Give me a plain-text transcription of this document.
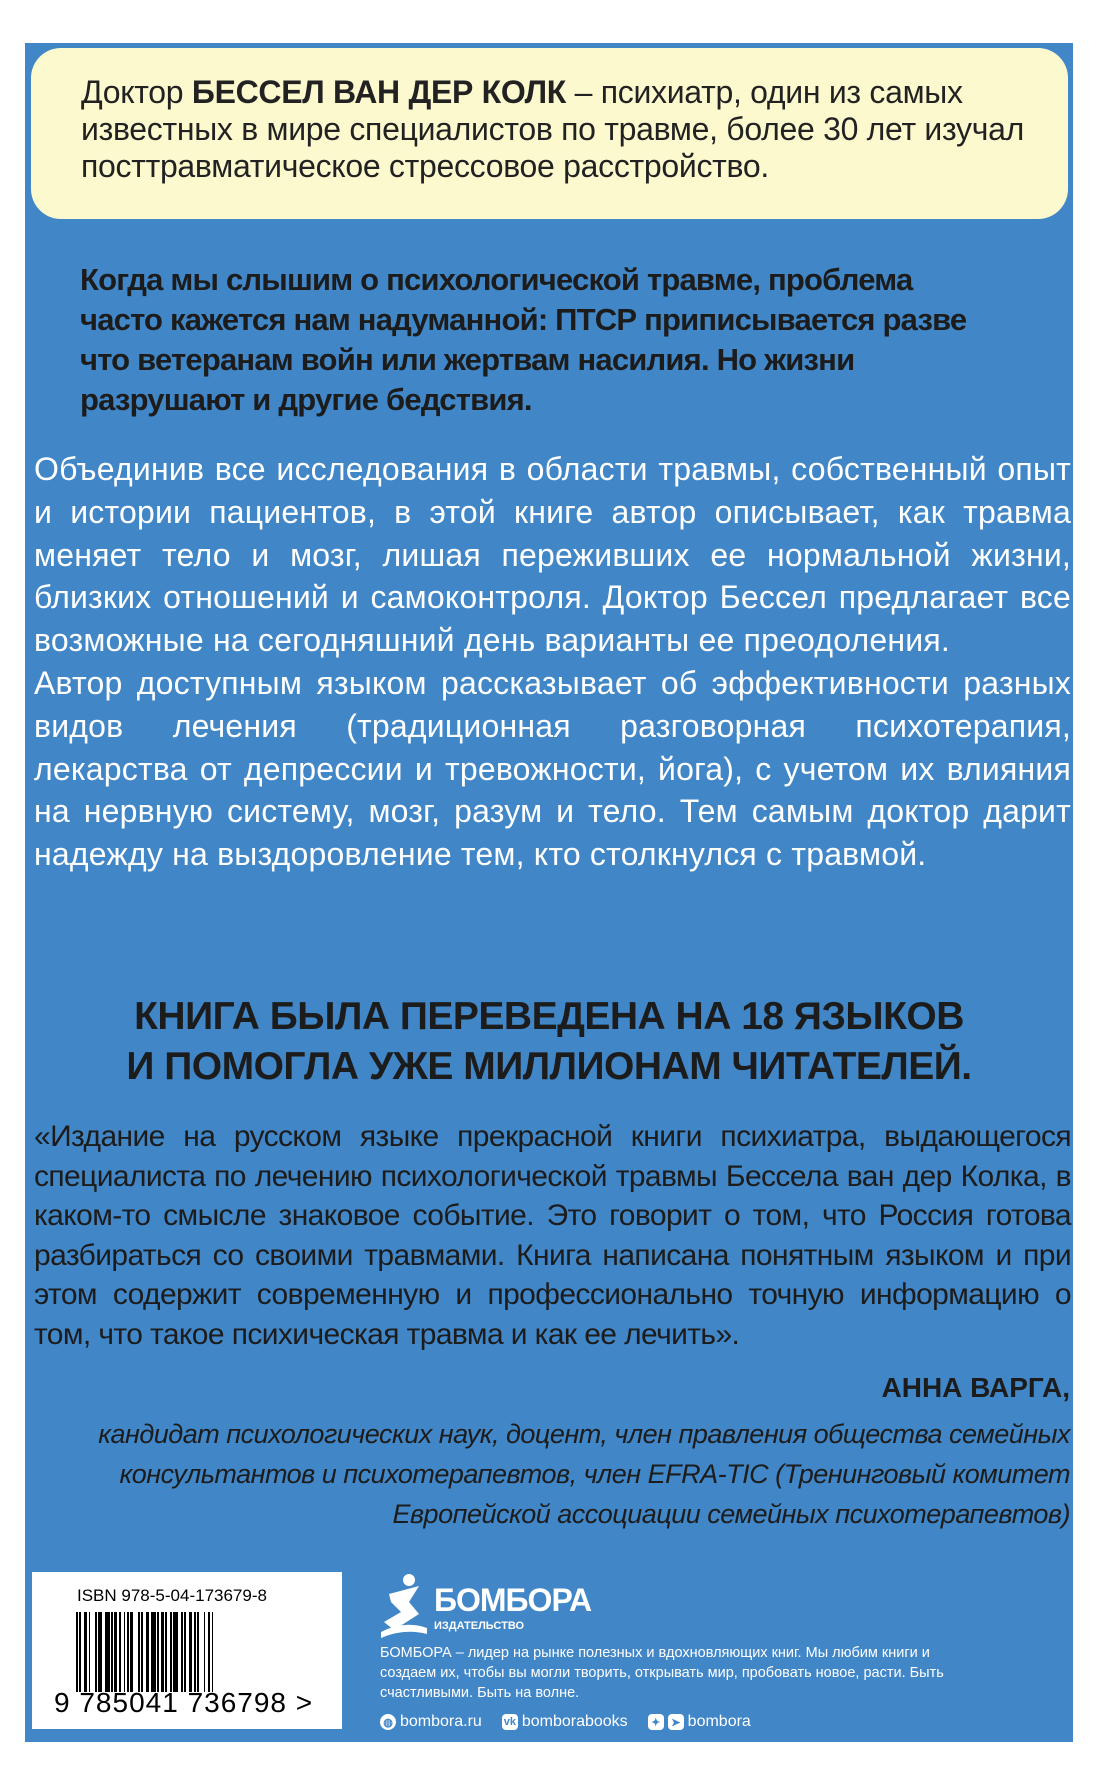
Доктор БЕССЕЛ ВАН ДЕР КОЛК – психиатр, один из самых известных в мире специалистов по травме, более 30 лет изучал посттравматическое стрессовое расстройство.
Когда мы слышим о психологической травме, проблема часто кажется нам надуманной: ПТСР приписывается разве что ветеранам войн или жертвам насилия. Но жизни разрушают и другие бедствия.

Объединив все исследования в области травмы, собственный опыт и истории пациентов, в этой книге автор описывает, как травма меняет тело и мозг, лишая переживших ее нормальной жизни, близких отношений и самоконтроля. Доктор Бессел предлагает все возможные на сегодняшний день варианты ее преодоления.

Автор доступным языком рассказывает об эффективности разных видов лечения (традиционная разговорная психотерапия, лекарства от депрессии и тревожности, йога), с учетом их влияния на нервную систему, мозг, разум и тело. Тем самым доктор дарит надежду на выздоровление тем, кто столкнулся с травмой.

КНИГА БЫЛА ПЕРЕВЕДЕНА НА 18 ЯЗЫКОВ
И ПОМОГЛА УЖЕ МИЛЛИОНАМ ЧИТАТЕЛЕЙ.
«Издание на русском языке прекрасной книги психиатра, выдающегося специалиста по лечению психологической травмы Бессела ван дер Колка, в каком-то смысле знаковое событие. Это говорит о том, что Россия готова разбираться со своими травмами. Книга написана понятным языком и при этом содержит современную и профессионально точную информацию о том, что такое психическая травма и как ее лечить».
АННА ВАРГА,
кандидат психологических наук, доцент, член правления общества семейных консультантов и психотерапевтов, член EFRA-TIC (Тренинговый комитет Европейской ассоциации семейных психотерапевтов)
ISBN 978-5-04-173679-8
9 785041 736798 >
БОМБОРА
ИЗДАТЕЛЬСТВО
БОМБОРА – лидер на рынке полезных и вдохновляющих книг. Мы любим книги и создаем их, чтобы вы могли творить, открывать мир, пробовать новое, расти. Быть счастливыми. Быть на волне.
◍ bombora.ru vk bomborabooks	✦ ➤ bombora
